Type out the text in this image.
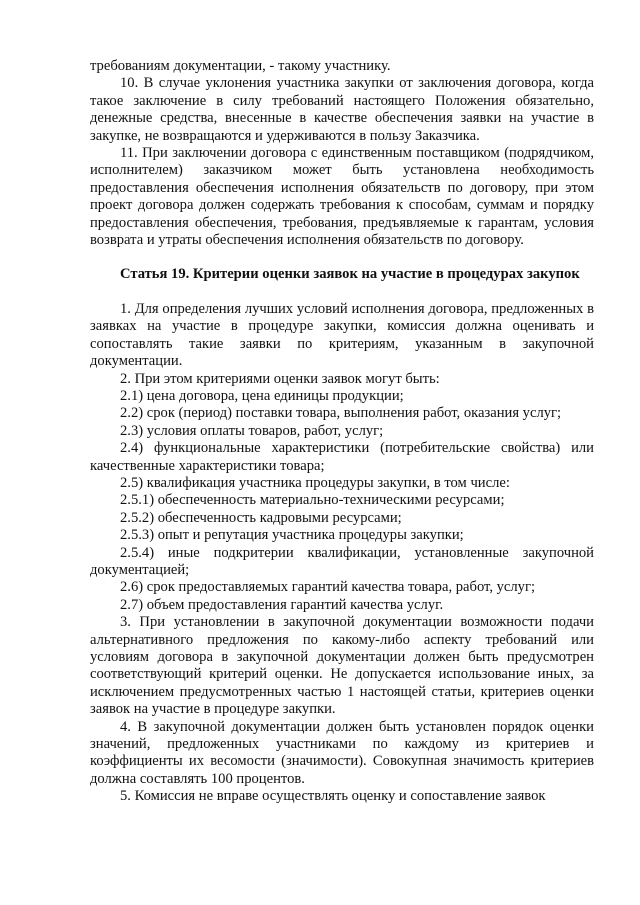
требованиям документации, - такому участнику.

10. В случае уклонения участника закупки от заключения договора, когда такое заключение в силу требований настоящего Положения обязательно, денежные средства, внесенные в качестве обеспечения заявки на участие в закупке, не возвращаются и удерживаются в пользу Заказчика.

11. При заключении договора с единственным поставщиком (подрядчиком, исполнителем) заказчиком может быть установлена необходимость предоставления обеспечения исполнения обязательств по договору, при этом проект договора должен содержать требования к способам, суммам и порядку предоставления обеспечения, требования, предъявляемые к гарантам, условия возврата и утраты обеспечения исполнения обязательств по договору.

Статья 19. Критерии оценки заявок на участие в процедурах закупок

1. Для определения лучших условий исполнения договора, предложенных в заявках на участие в процедуре закупки, комиссия должна оценивать и сопоставлять такие заявки по критериям, указанным в закупочной документации.

2. При этом критериями оценки заявок могут быть:

2.1) цена договора, цена единицы продукции;

2.2) срок (период) поставки товара, выполнения работ, оказания услуг;

2.3) условия оплаты товаров, работ, услуг;

2.4) функциональные характеристики (потребительские свойства) или качественные характеристики товара;

2.5) квалификация участника процедуры закупки, в том числе:

2.5.1) обеспеченность материально-техническими ресурсами;

2.5.2) обеспеченность кадровыми ресурсами;

2.5.3) опыт и репутация участника процедуры закупки;

2.5.4) иные подкритерии квалификации, установленные закупочной документацией;

2.6) срок предоставляемых гарантий качества товара, работ, услуг;

2.7) объем предоставления гарантий качества услуг.

3. При установлении в закупочной документации возможности подачи альтернативного предложения по какому-либо аспекту требований или условиям договора в закупочной документации должен быть предусмотрен соответствующий критерий оценки. Не допускается использование иных, за исключением предусмотренных частью 1 настоящей статьи, критериев оценки заявок на участие в процедуре закупки.

4. В закупочной документации должен быть установлен порядок оценки значений, предложенных участниками по каждому из критериев и коэффициенты их весомости (значимости). Совокупная значимость критериев должна составлять 100 процентов.

5. Комиссия не вправе осуществлять оценку и сопоставление заявок
